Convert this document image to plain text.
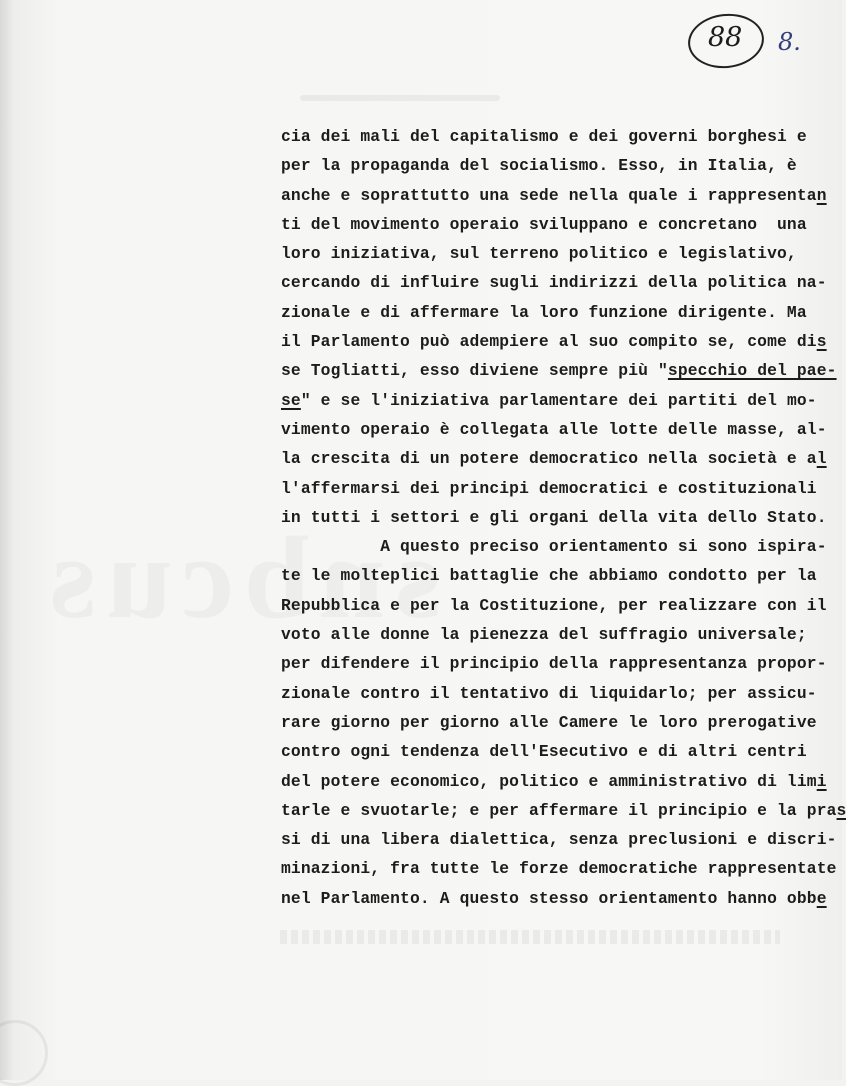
88 8.
cia dei mali del capitalismo e dei governi borghesi e
per la propaganda del socialismo. Esso, in Italia, è
anche e soprattutto una sede nella quale i rappresentan
ti del movimento operaio sviluppano e concretano  una
loro iniziativa, sul terreno politico e legislativo,
cercando di influire sugli indirizzi della politica na-
zionale e di affermare la loro funzione dirigente. Ma
il Parlamento può adempiere al suo compito se, come dis
se Togliatti, esso diviene sempre più "specchio del pae-
se" e se l'iniziativa parlamentare dei partiti del mo-
vimento operaio è collegata alle lotte delle masse, al-
la crescita di un potere democratico nella società e al
l'affermarsi dei principi democratici e costituzionali
in tutti i settori e gli organi della vita dello Stato.
A questo preciso orientamento si sono ispira-
te le molteplici battaglie che abbiamo condotto per la
Repubblica e per la Costituzione, per realizzare con il
voto alle donne la pienezza del suffragio universale;
per difendere il principio della rappresentanza propor-
zionale contro il tentativo di liquidarlo; per assicu-
rare giorno per giorno alle Camere le loro prerogative
contro ogni tendenza dell'Esecutivo e di altri centri
del potere economico, politico e amministrativo di limi
tarle e svuotarle; e per affermare il principio e la pras
si di una libera dialettica, senza preclusioni e discri-
minazioni, fra tutte le forze democratiche rappresentate
nel Parlamento. A questo stesso orientamento hanno obbe
